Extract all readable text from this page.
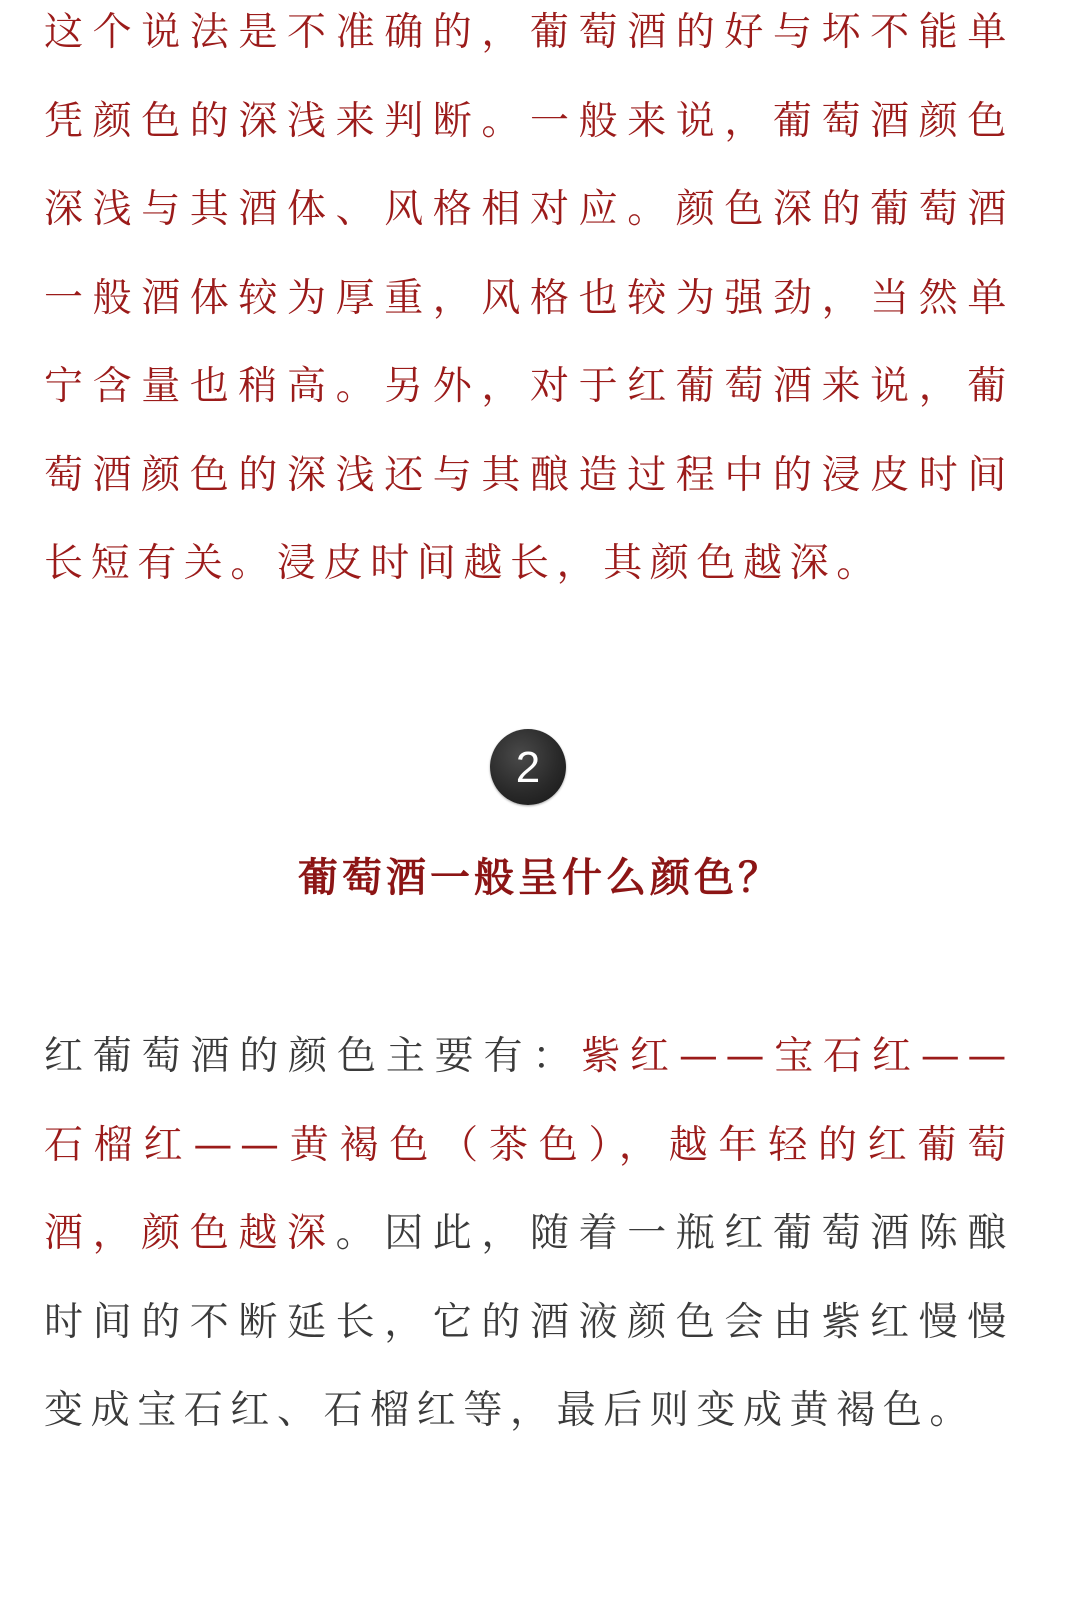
这个说法是不准确的，葡萄酒的好与坏不能单凭颜色的深浅来判断。一般来说，葡萄酒颜色深浅与其酒体、风格相对应。颜色深的葡萄酒一般酒体较为厚重，风格也较为强劲，当然单宁含量也稍高。另外，对于红葡萄酒来说，葡萄酒颜色的深浅还与其酿造过程中的浸皮时间长短有关。浸皮时间越长，其颜色越深。

2
葡萄酒一般呈什么颜色？

红葡萄酒的颜色主要有：紫红——宝石红——石榴红——黄褐色（茶色），越年轻的红葡萄酒，颜色越深。因此，随着一瓶红葡萄酒陈酿时间的不断延长，它的酒液颜色会由紫红慢慢变成宝石红、石榴红等，最后则变成黄褐色。
